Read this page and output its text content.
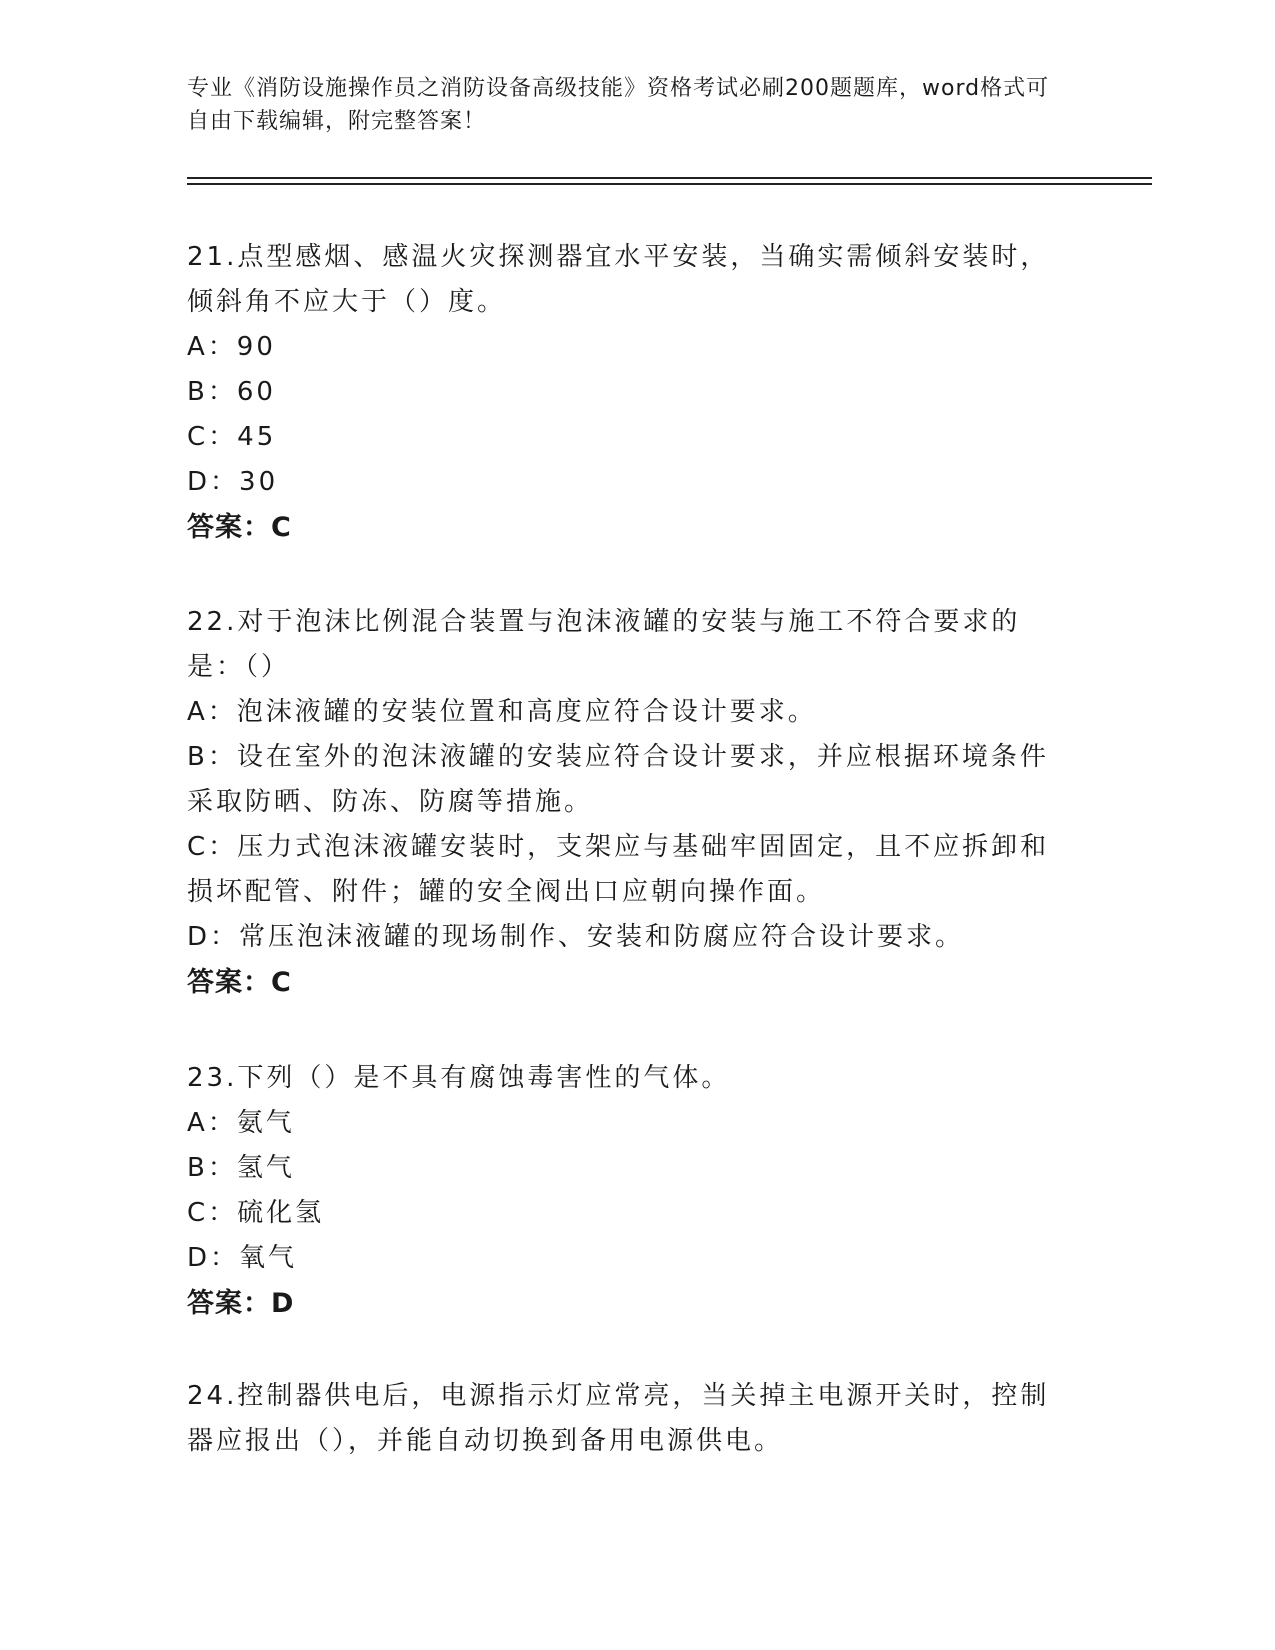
专业《消防设施操作员之消防设备高级技能》资格考试必刷200题题库，word格式可自由下载编辑，附完整答案！

21.点型感烟、感温火灾探测器宜水平安装，当确实需倾斜安装时，倾斜角不应大于（）度。

A：90

B：60

C：45

D：30

答案：C

22.对于泡沫比例混合装置与泡沫液罐的安装与施工不符合要求的是：（）

A：泡沫液罐的安装位置和高度应符合设计要求。

B：设在室外的泡沫液罐的安装应符合设计要求，并应根据环境条件采取防晒、防冻、防腐等措施。

C：压力式泡沫液罐安装时，支架应与基础牢固固定，且不应拆卸和损坏配管、附件；罐的安全阀出口应朝向操作面。

D：常压泡沫液罐的现场制作、安装和防腐应符合设计要求。

答案：C

23.下列（）是不具有腐蚀毒害性的气体。

A：氨气

B：氢气

C：硫化氢

D：氧气

答案：D

24.控制器供电后，电源指示灯应常亮，当关掉主电源开关时，控制器应报出（），并能自动切换到备用电源供电。
